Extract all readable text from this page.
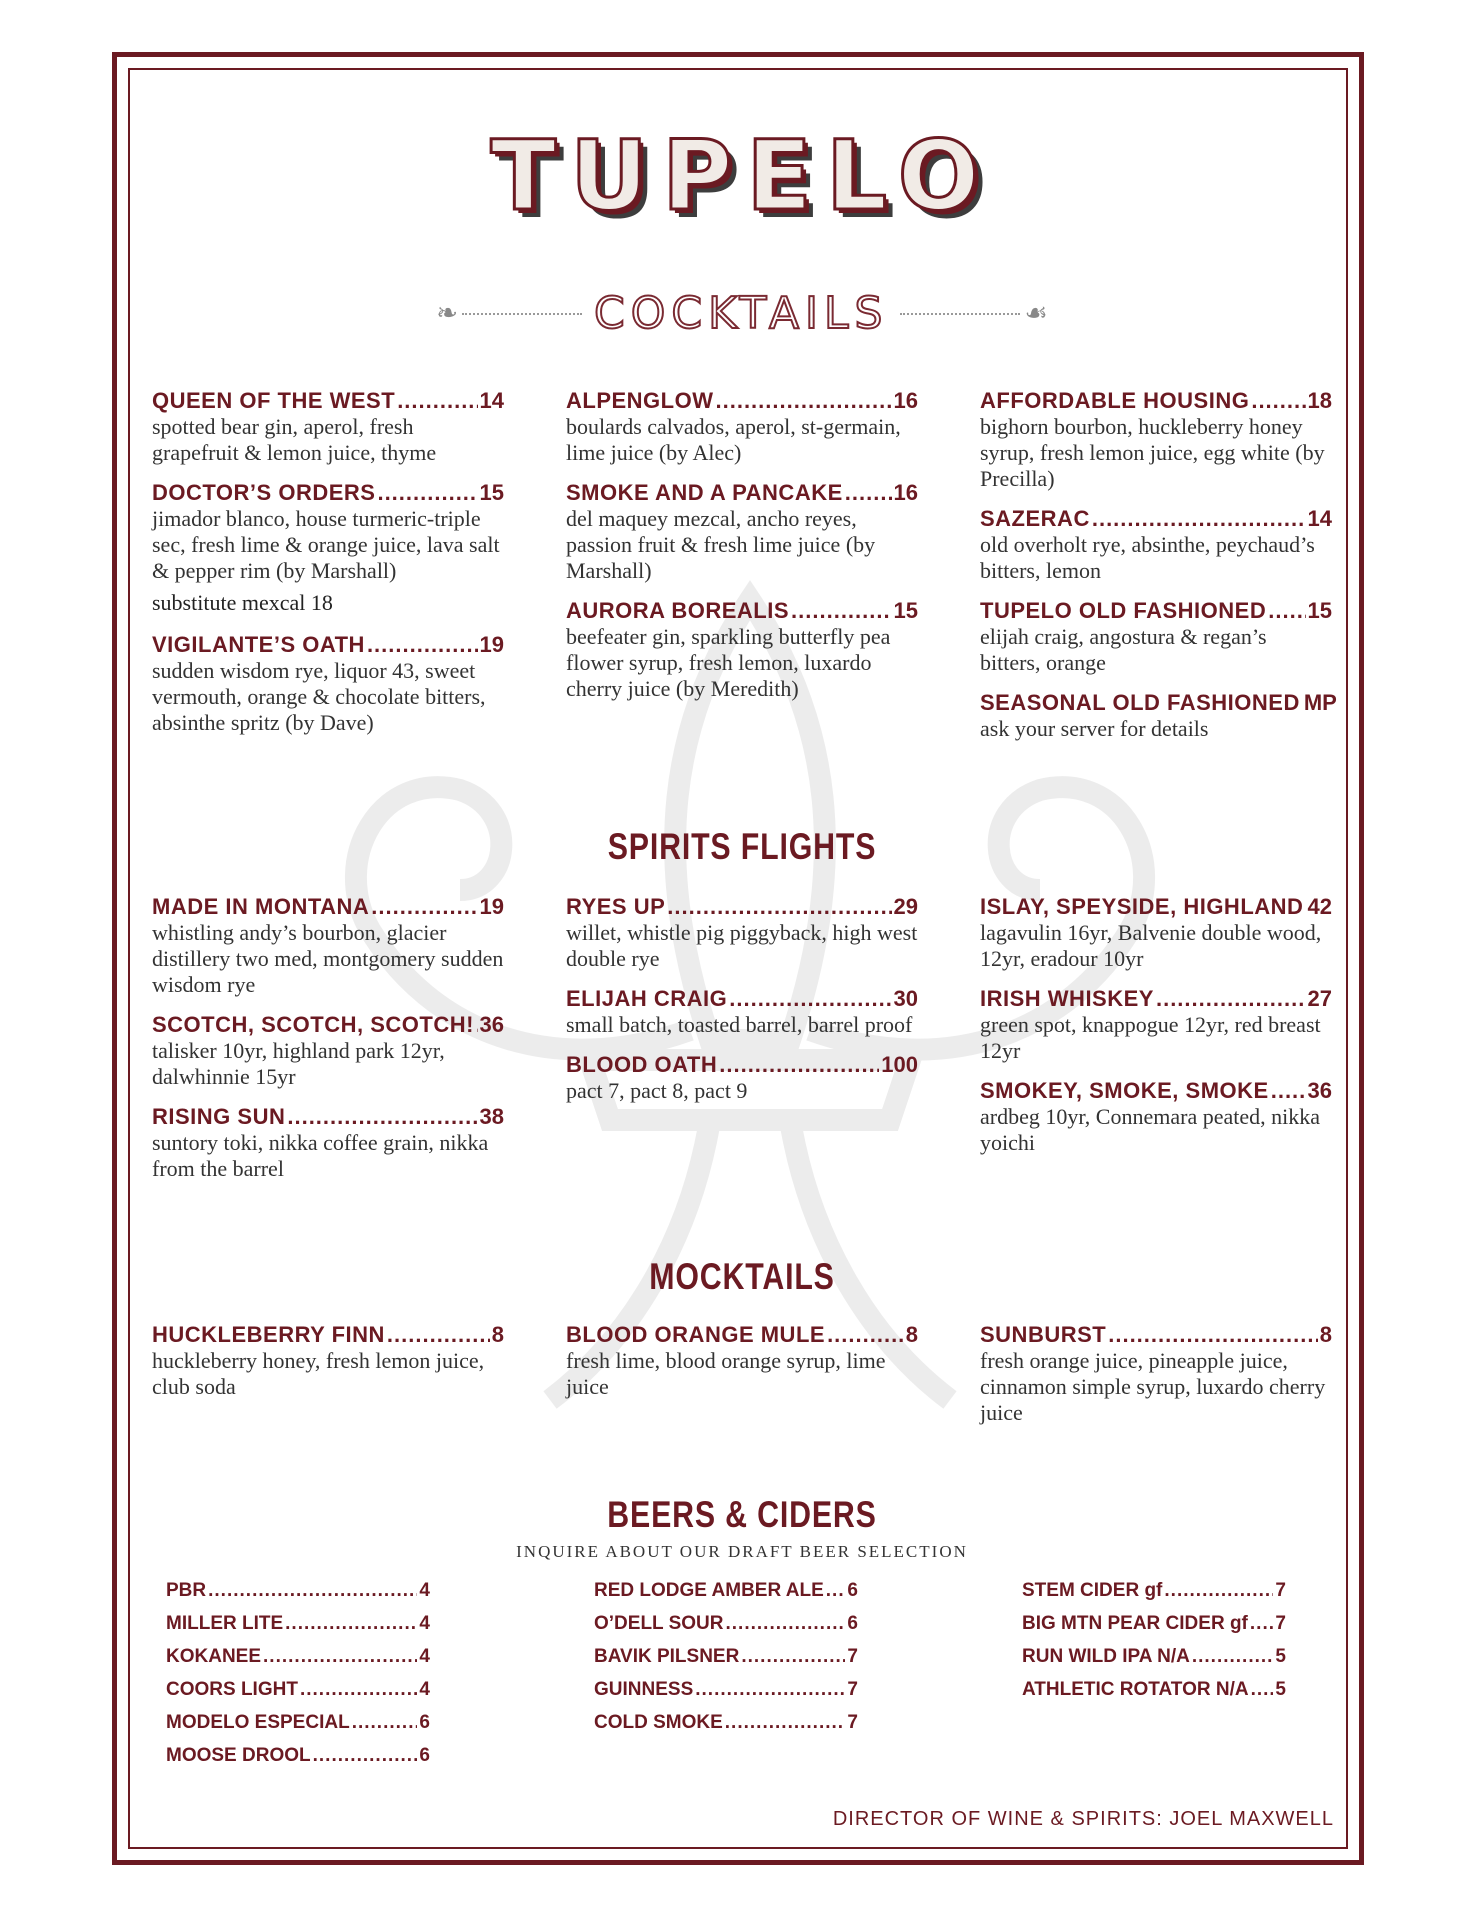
TUPELO
❧	COCKTAILS	☙
QUEEN OF THE WEST .....	14
spotted bear gin, aperol, fresh grapefruit & lemon juice, thyme
DOCTOR’S ORDERS .....	15
jimador blanco, house turmeric-triple sec, fresh lime & orange juice, lava salt & pepper rim (by Marshall)
substitute mexcal 18
VIGILANTE’S OATH .....	19
sudden wisdom rye, liquor 43, sweet vermouth, orange & chocolate bitters, absinthe spritz (by Dave)
ALPENGLOW .....	16
boulards calvados, aperol, st-germain, lime juice (by Alec)
SMOKE AND A PANCAKE ..... 16
del maquey mezcal, ancho reyes, passion fruit & fresh lime juice (by Marshall)
AURORA BOREALIS .....	15
beefeater gin, sparkling butterfly pea flower syrup, fresh lemon, luxardo cherry juice (by Meredith)
AFFORDABLE HOUSING .....	18
bighorn bourbon, huckleberry honey syrup, fresh lemon juice, egg white (by Precilla)
SAZERAC .....	14
old overholt rye, absinthe, peychaud’s bitters, lemon
TUPELO OLD FASHIONED ..... 15
elijah craig, angostura & regan’s bitters, orange
SEASONAL OLD FASHIONED MP
ask your server for details
SPIRITS FLIGHTS
MADE IN MONTANA .....	19
whistling andy’s bourbon, glacier distillery two med, montgomery sudden wisdom rye
SCOTCH, SCOTCH, SCOTCH! ..... 36
talisker 10yr, highland park 12yr, dalwhinnie 15yr
RISING SUN .....	38
suntory toki, nikka coffee grain, nikka from the barrel
RYES UP .....	29
willet, whistle pig piggyback, high west double rye
ELIJAH CRAIG .....	30
small batch, toasted barrel, barrel proof
BLOOD OATH .....	100
pact 7, pact 8, pact 9
ISLAY, SPEYSIDE, HIGHLAND ..... 42
lagavulin 16yr, Balvenie double wood, 12yr, eradour 10yr
IRISH WHISKEY .....	27
green spot, knappogue 12yr, red breast 12yr
SMOKEY, SMOKE, SMOKE ..... 36
ardbeg 10yr, Connemara peated, nikka yoichi
MOCKTAILS
HUCKLEBERRY FINN .....	8
huckleberry honey, fresh lemon juice, club soda
BLOOD ORANGE MULE .....	8
fresh lime, blood orange syrup, lime juice
SUNBURST .....	8
fresh orange juice, pineapple juice, cinnamon simple syrup, luxardo cherry juice
BEERS & CIDERS
INQUIRE ABOUT OUR DRAFT BEER SELECTION
PBR .....	4
MILLER LITE .....	4
KOKANEE .....	4
COORS LIGHT .....	4
MODELO ESPECIAL .....	6
MOOSE DROOL .....	6
RED LODGE AMBER ALE ..... 6
O’DELL SOUR .....	6
BAVIK PILSNER .....	7
GUINNESS .....	7
COLD SMOKE .....	7
STEM CIDER gf .....	7
BIG MTN PEAR CIDER gf ..... 7
RUN WILD IPA N/A .....	5
ATHLETIC ROTATOR N/A ..... 5
DIRECTOR OF WINE & SPIRITS: JOEL MAXWELL
